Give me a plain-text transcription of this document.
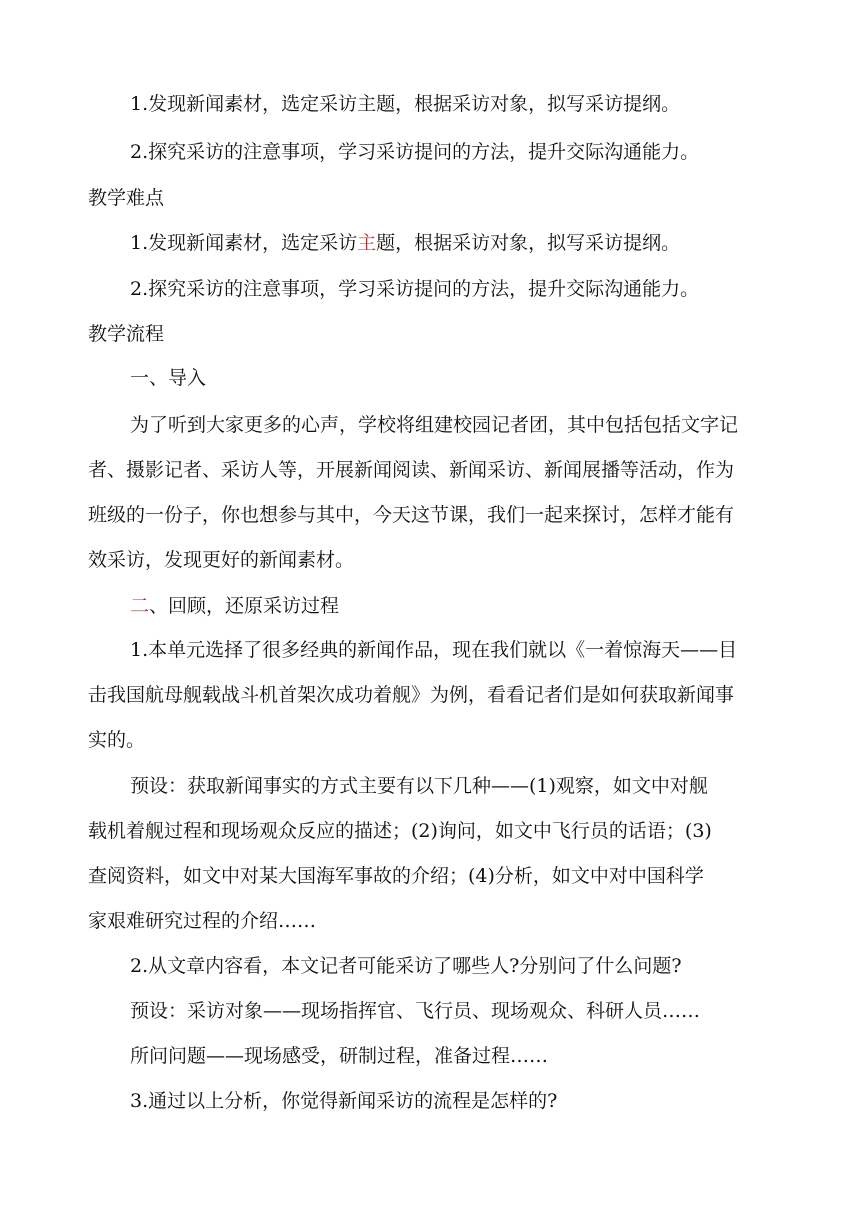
1.发现新闻素材，选定采访主题，根据采访对象，拟写采访提纲。
2.探究采访的注意事项，学习采访提问的方法，提升交际沟通能力。
教学难点
1.发现新闻素材，选定采访主题，根据采访对象，拟写采访提纲。
2.探究采访的注意事项，学习采访提问的方法，提升交际沟通能力。
教学流程
一、导入
为了听到大家更多的心声，学校将组建校园记者团，其中包括包括文字记
者、摄影记者、采访人等，开展新闻阅读、新闻采访、新闻展播等活动，作为
班级的一份子，你也想参与其中，今天这节课，我们一起来探讨，怎样才能有
效采访，发现更好的新闻素材。
二、回顾，还原采访过程
1.本单元选择了很多经典的新闻作品，现在我们就以《一着惊海天——目
击我国航母舰载战斗机首架次成功着舰》为例，看看记者们是如何获取新闻事
实的。
预设：获取新闻事实的方式主要有以下几种——(1)观察，如文中对舰
载机着舰过程和现场观众反应的描述；(2)询问，如文中飞行员的话语；(3)
查阅资料，如文中对某大国海军事故的介绍；(4)分析，如文中对中国科学
家艰难研究过程的介绍……
2.从文章内容看，本文记者可能采访了哪些人?分别问了什么问题?
预设：采访对象——现场指挥官、飞行员、现场观众、科研人员……
所问问题——现场感受，研制过程，准备过程……
3.通过以上分析，你觉得新闻采访的流程是怎样的?
